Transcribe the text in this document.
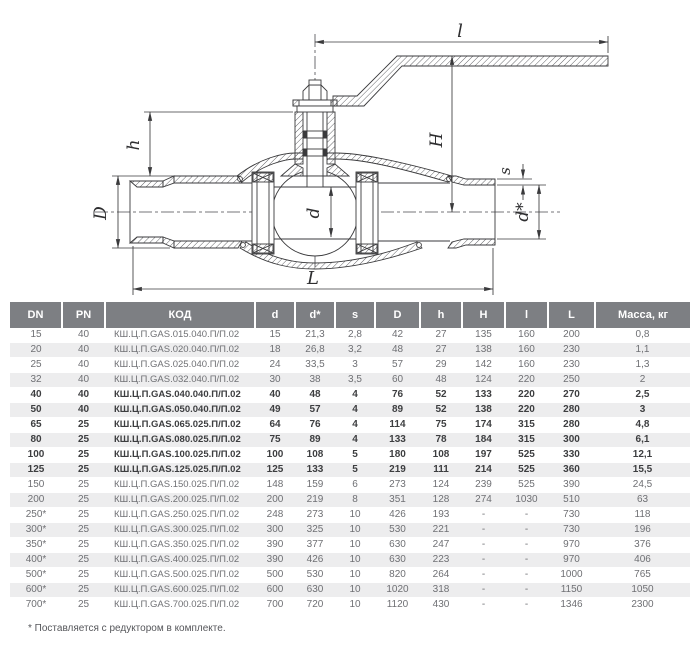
l
H
h
D	d	d*
s
L
DN	PN	КОД	d	d*	s	D	h	H	l	L	Масса, кг
15	40	КШ.Ц.П.GAS.015.040.П/П.02	15	21,3	2,8	42	27	135	160	200	0,8
20	40	КШ.Ц.П.GAS.020.040.П/П.02	18	26,8	3,2	48	27	138	160	230	1,1
25	40	КШ.Ц.П.GAS.025.040.П/П.02	24	33,5	3	57	29	142	160	230	1,3
32	40	КШ.Ц.П.GAS.032.040.П/П.02	30	38	3,5	60	48	124	220	250	2
40	40	КШ.Ц.П.GAS.040.040.П/П.02	40	48	4	76	52	133	220	270	2,5
50	40	КШ.Ц.П.GAS.050.040.П/П.02	49	57	4	89	52	138	220	280	3
65	25	КШ.Ц.П.GAS.065.025.П/П.02	64	76	4	114	75	174	315	280	4,8
80	25	КШ.Ц.П.GAS.080.025.П/П.02	75	89	4	133	78	184	315	300	6,1
100	25	КШ.Ц.П.GAS.100.025.П/П.02	100	108	5	180	108	197	525	330	12,1
125	25	КШ.Ц.П.GAS.125.025.П/П.02	125	133	5	219	111	214	525	360	15,5
150	25	КШ.Ц.П.GAS.150.025.П/П.02	148	159	6	273	124	239	525	390	24,5
200	25	КШ.Ц.П.GAS.200.025.П/П.02	200	219	8	351	128	274	1030	510	63
250*	25	КШ.Ц.П.GAS.250.025.П/П.02	248	273	10	426	193	-	-	730	118
300*	25	КШ.Ц.П.GAS.300.025.П/П.02	300	325	10	530	221	-	-	730	196
350*	25	КШ.Ц.П.GAS.350.025.П/П.02	390	377	10	630	247	-	-	970	376
400*	25	КШ.Ц.П.GAS.400.025.П/П.02	390	426	10	630	223	-	-	970	406
500*	25	КШ.Ц.П.GAS.500.025.П/П.02	500	530	10	820	264	-	-	1000	765
600*	25	КШ.Ц.П.GAS.600.025.П/П.02	600	630	10	1020	318	-	-	1150	1050
700*	25	КШ.Ц.П.GAS.700.025.П/П.02	700	720	10	1120	430	-	-	1346	2300
* Поставляется с редуктором в комплекте.
